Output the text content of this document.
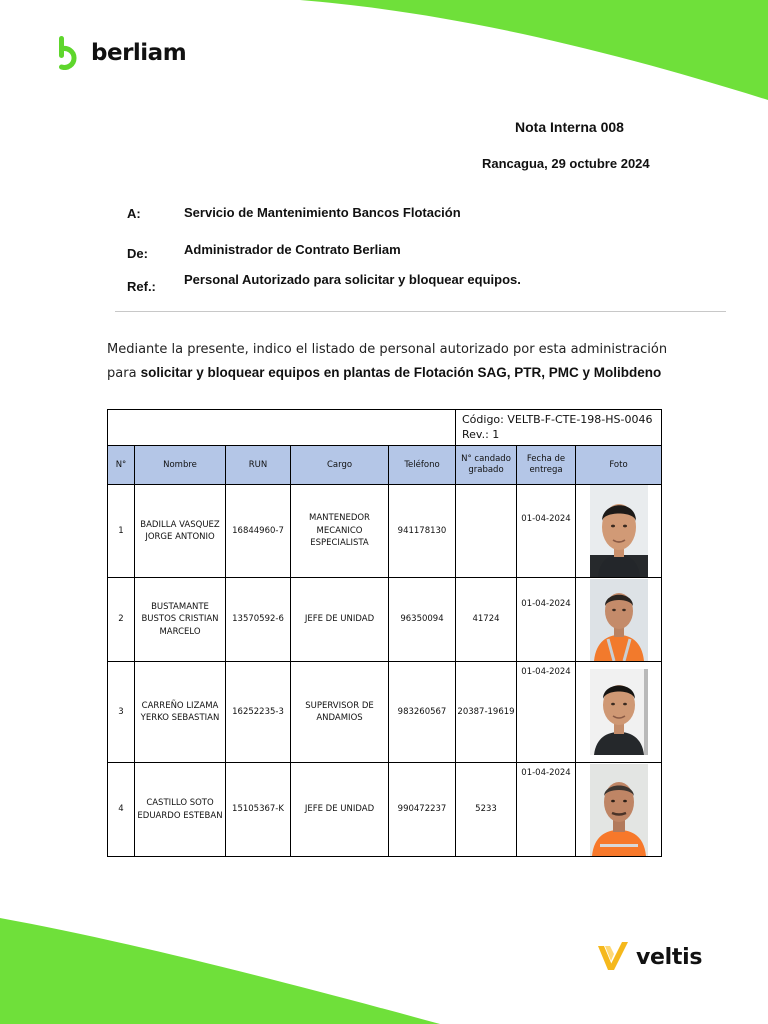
berliam
Nota Interna 008
Rancagua, 29 octubre 2024
A:	Servicio de Mantenimiento Bancos Flotación
De:	Administrador de Contrato Berliam
Ref.: Personal Autorizado para solicitar y bloquear equipos.
Mediante la presente, indico el listado de personal autorizado por esta administración para solicitar y bloquear equipos en plantas de Flotación SAG, PTR, PMC y Molibdeno

					Código: VELTB-F-CTE-198-HS-0046
Rev.: 1		

N°	Nombre	RUN	Cargo	Teléfono	N° candado grabado	Fecha de entrega	Foto
1	BADILLA VASQUEZ JORGE ANTONIO	16844960-7	MANTENEDOR MECANICO ESPECIALISTA	941178130		01-04-2024	
2	BUSTAMANTE BUSTOS CRISTIAN MARCELO	13570592-6	JEFE DE UNIDAD	96350094	41724	01-04-2024	
3	CARREÑO LIZAMA YERKO SEBASTIAN	16252235-3	SUPERVISOR DE ANDAMIOS	983260567	20387-19619	01-04-2024	
4	CASTILLO SOTO EDUARDO ESTEBAN	15105367-K	JEFE DE UNIDAD	990472237	5233	01-04-2024	
veltis
